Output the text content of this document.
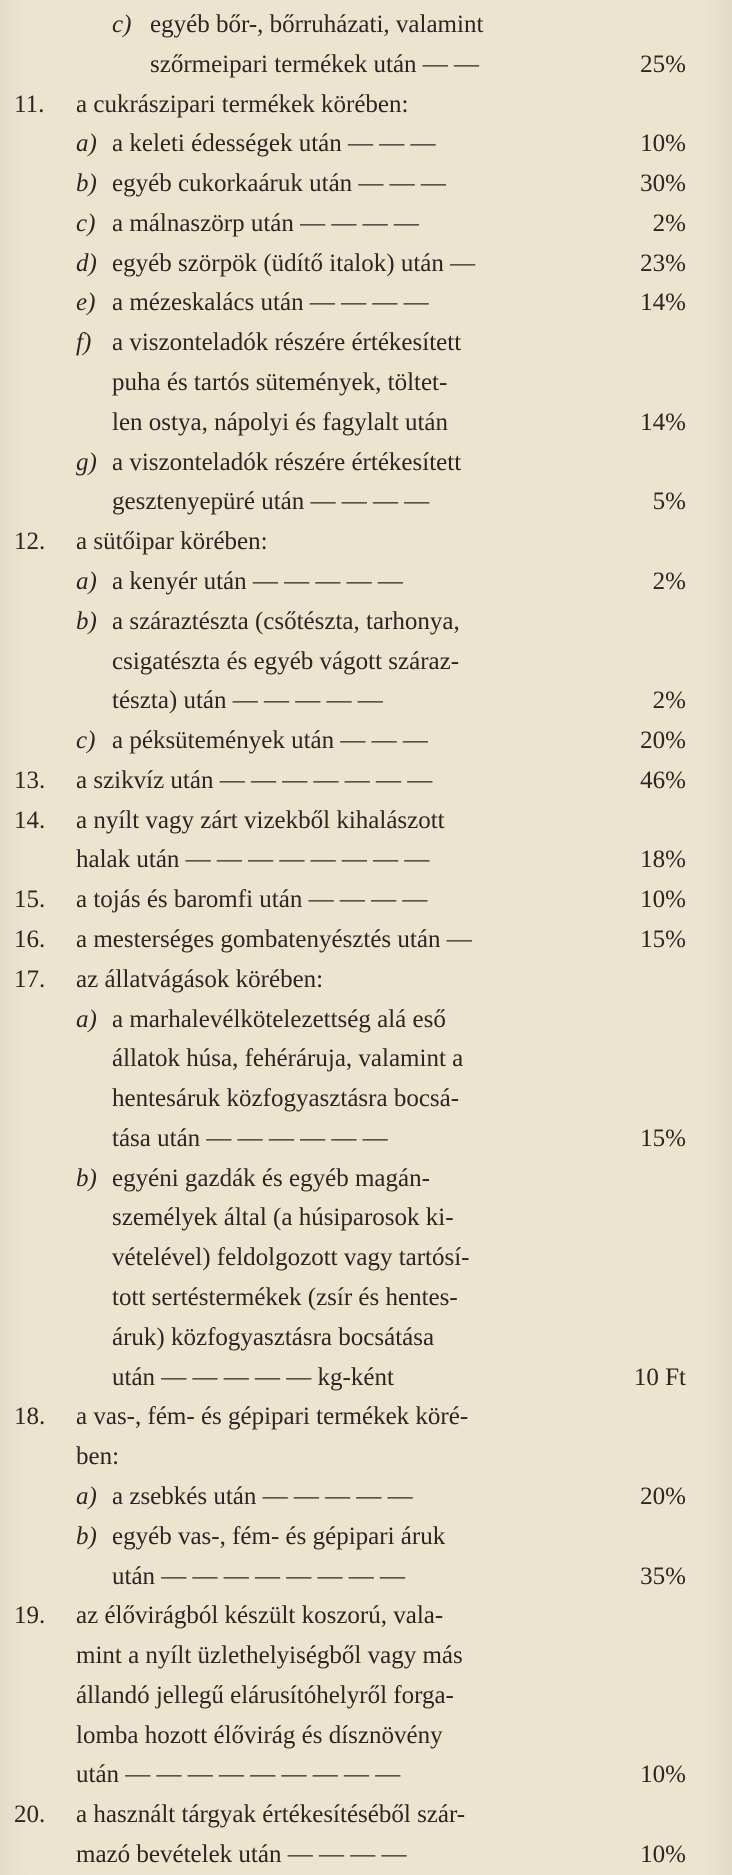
c) egyéb bőr-, bőrruházati, valamint
szőrmeipari termékek után — —	25%
11. a cukrászipari termékek körében:
a) a keleti édességek után — — —	10%
b) egyéb cukorkaáruk után — — —	30%
c) a málnaszörp után — — — —	2%
d) egyéb szörpök (üdítő italok) után —	23%
e) a mézeskalács után — — — —	14%
f) a viszonteladók részére értékesített
puha és tartós sütemények, töltet-
len ostya, nápolyi és fagylalt után	14%
g) a viszonteladók részére értékesített
gesztenyepüré után — — — —	5%
12. a sütőipar körében:
a) a kenyér után — — — — —	2%
b) a száraztészta (csőtészta, tarhonya,
csigatészta és egyéb vágott száraz-
tészta) után — — — — —	2%
c) a péksütemények után — — —	20%
13. a szikvíz után — — — — — — —	46%
14. a nyílt vagy zárt vizekből kihalászott
halak után — — — — — — — —	18%
15. a tojás és baromfi után — — — —	10%
16. a mesterséges gombatenyésztés után —	15%
17. az állatvágások körében:
a) a marhalevélkötelezettség alá eső
állatok húsa, fehéráruja, valamint a
hentesáruk közfogyasztásra bocsá-
tása után — — — — — —	15%
b) egyéni gazdák és egyéb magán-
személyek által (a húsiparosok ki-
vételével) feldolgozott vagy tartósí-
tott sertéstermékek (zsír és hentes-
áruk) közfogyasztásra bocsátása
után — — — — — kg-ként	10 Ft
18. a vas-, fém- és gépipari termékek köré-
ben:
a) a zsebkés után — — — — —	20%
b) egyéb vas-, fém- és gépipari áruk
után — — — — — — — —	35%
19. az élővirágból készült koszorú, vala-
mint a nyílt üzlethelyiségből vagy más
állandó jellegű elárusítóhelyről forga-
lomba hozott élővirág és dísznövény
után — — — — — — — — —	10%
20. a használt tárgyak értékesítéséből szár-
mazó bevételek után — — — —	10%
